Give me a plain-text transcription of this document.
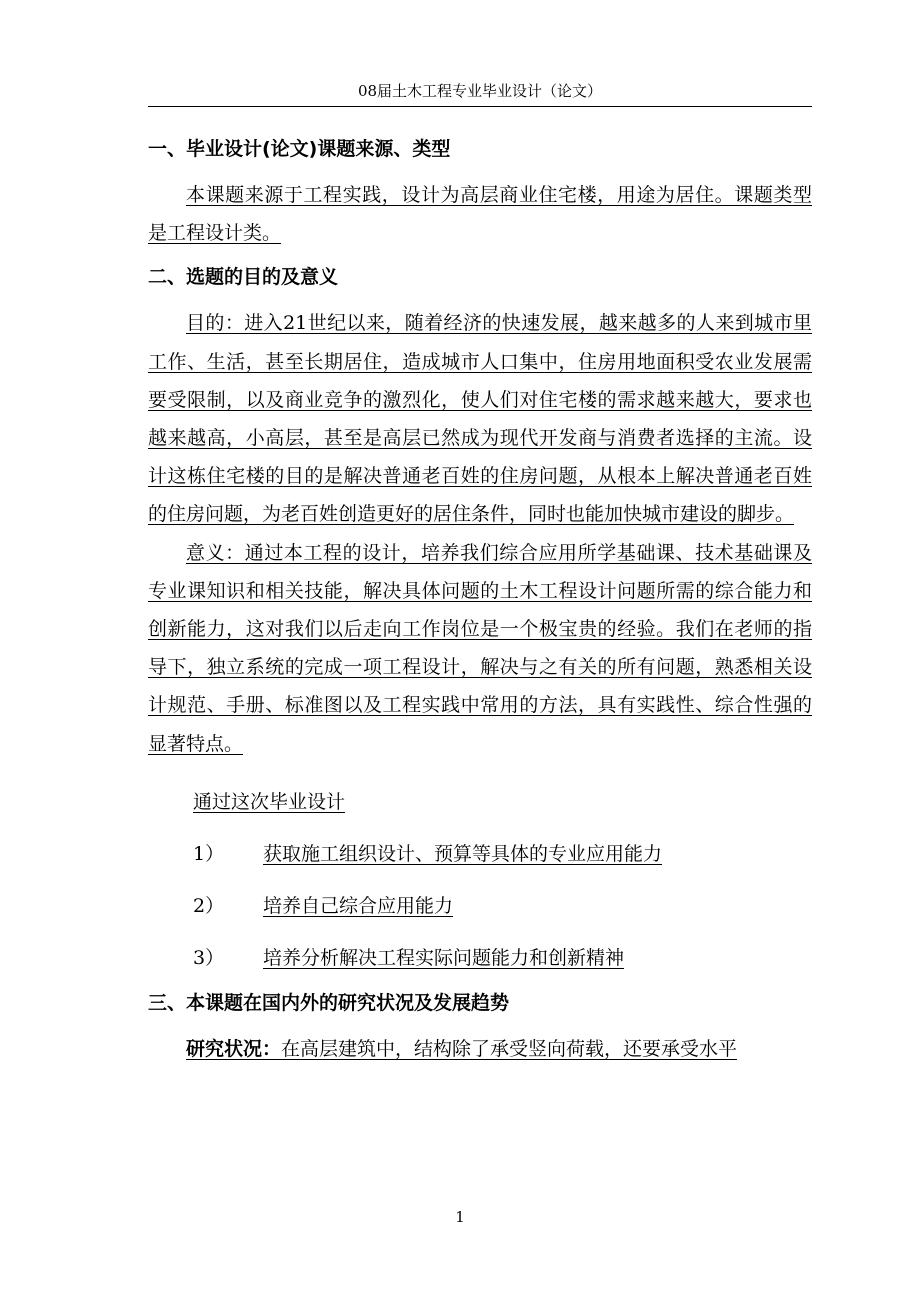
08届土木工程专业毕业设计（论文）
一、毕业设计(论文)课题来源、类型

本课题来源于工程实践，设计为高层商业住宅楼，用途为居住。课题类型是工程设计类。

二、选题的目的及意义

目的：进入21世纪以来，随着经济的快速发展，越来越多的人来到城市里工作、生活，甚至长期居住，造成城市人口集中，住房用地面积受农业发展需要受限制，以及商业竞争的激烈化，使人们对住宅楼的需求越来越大，要求也越来越高，小高层，甚至是高层已然成为现代开发商与消费者选择的主流。设计这栋住宅楼的目的是解决普通老百姓的住房问题，从根本上解决普通老百姓的住房问题，为老百姓创造更好的居住条件，同时也能加快城市建设的脚步。

意义：通过本工程的设计，培养我们综合应用所学基础课、技术基础课及专业课知识和相关技能，解决具体问题的土木工程设计问题所需的综合能力和创新能力，这对我们以后走向工作岗位是一个极宝贵的经验。我们在老师的指导下，独立系统的完成一项工程设计，解决与之有关的所有问题，熟悉相关设计规范、手册、标准图以及工程实践中常用的方法，具有实践性、综合性强的显著特点。

通过这次毕业设计

1） 获取施工组织设计、预算等具体的专业应用能力

2） 培养自己综合应用能力

3） 培养分析解决工程实际问题能力和创新精神

三、本课题在国内外的研究状况及发展趋势

研究状况：在高层建筑中，结构除了承受竖向荷载，还要承受水平

1
